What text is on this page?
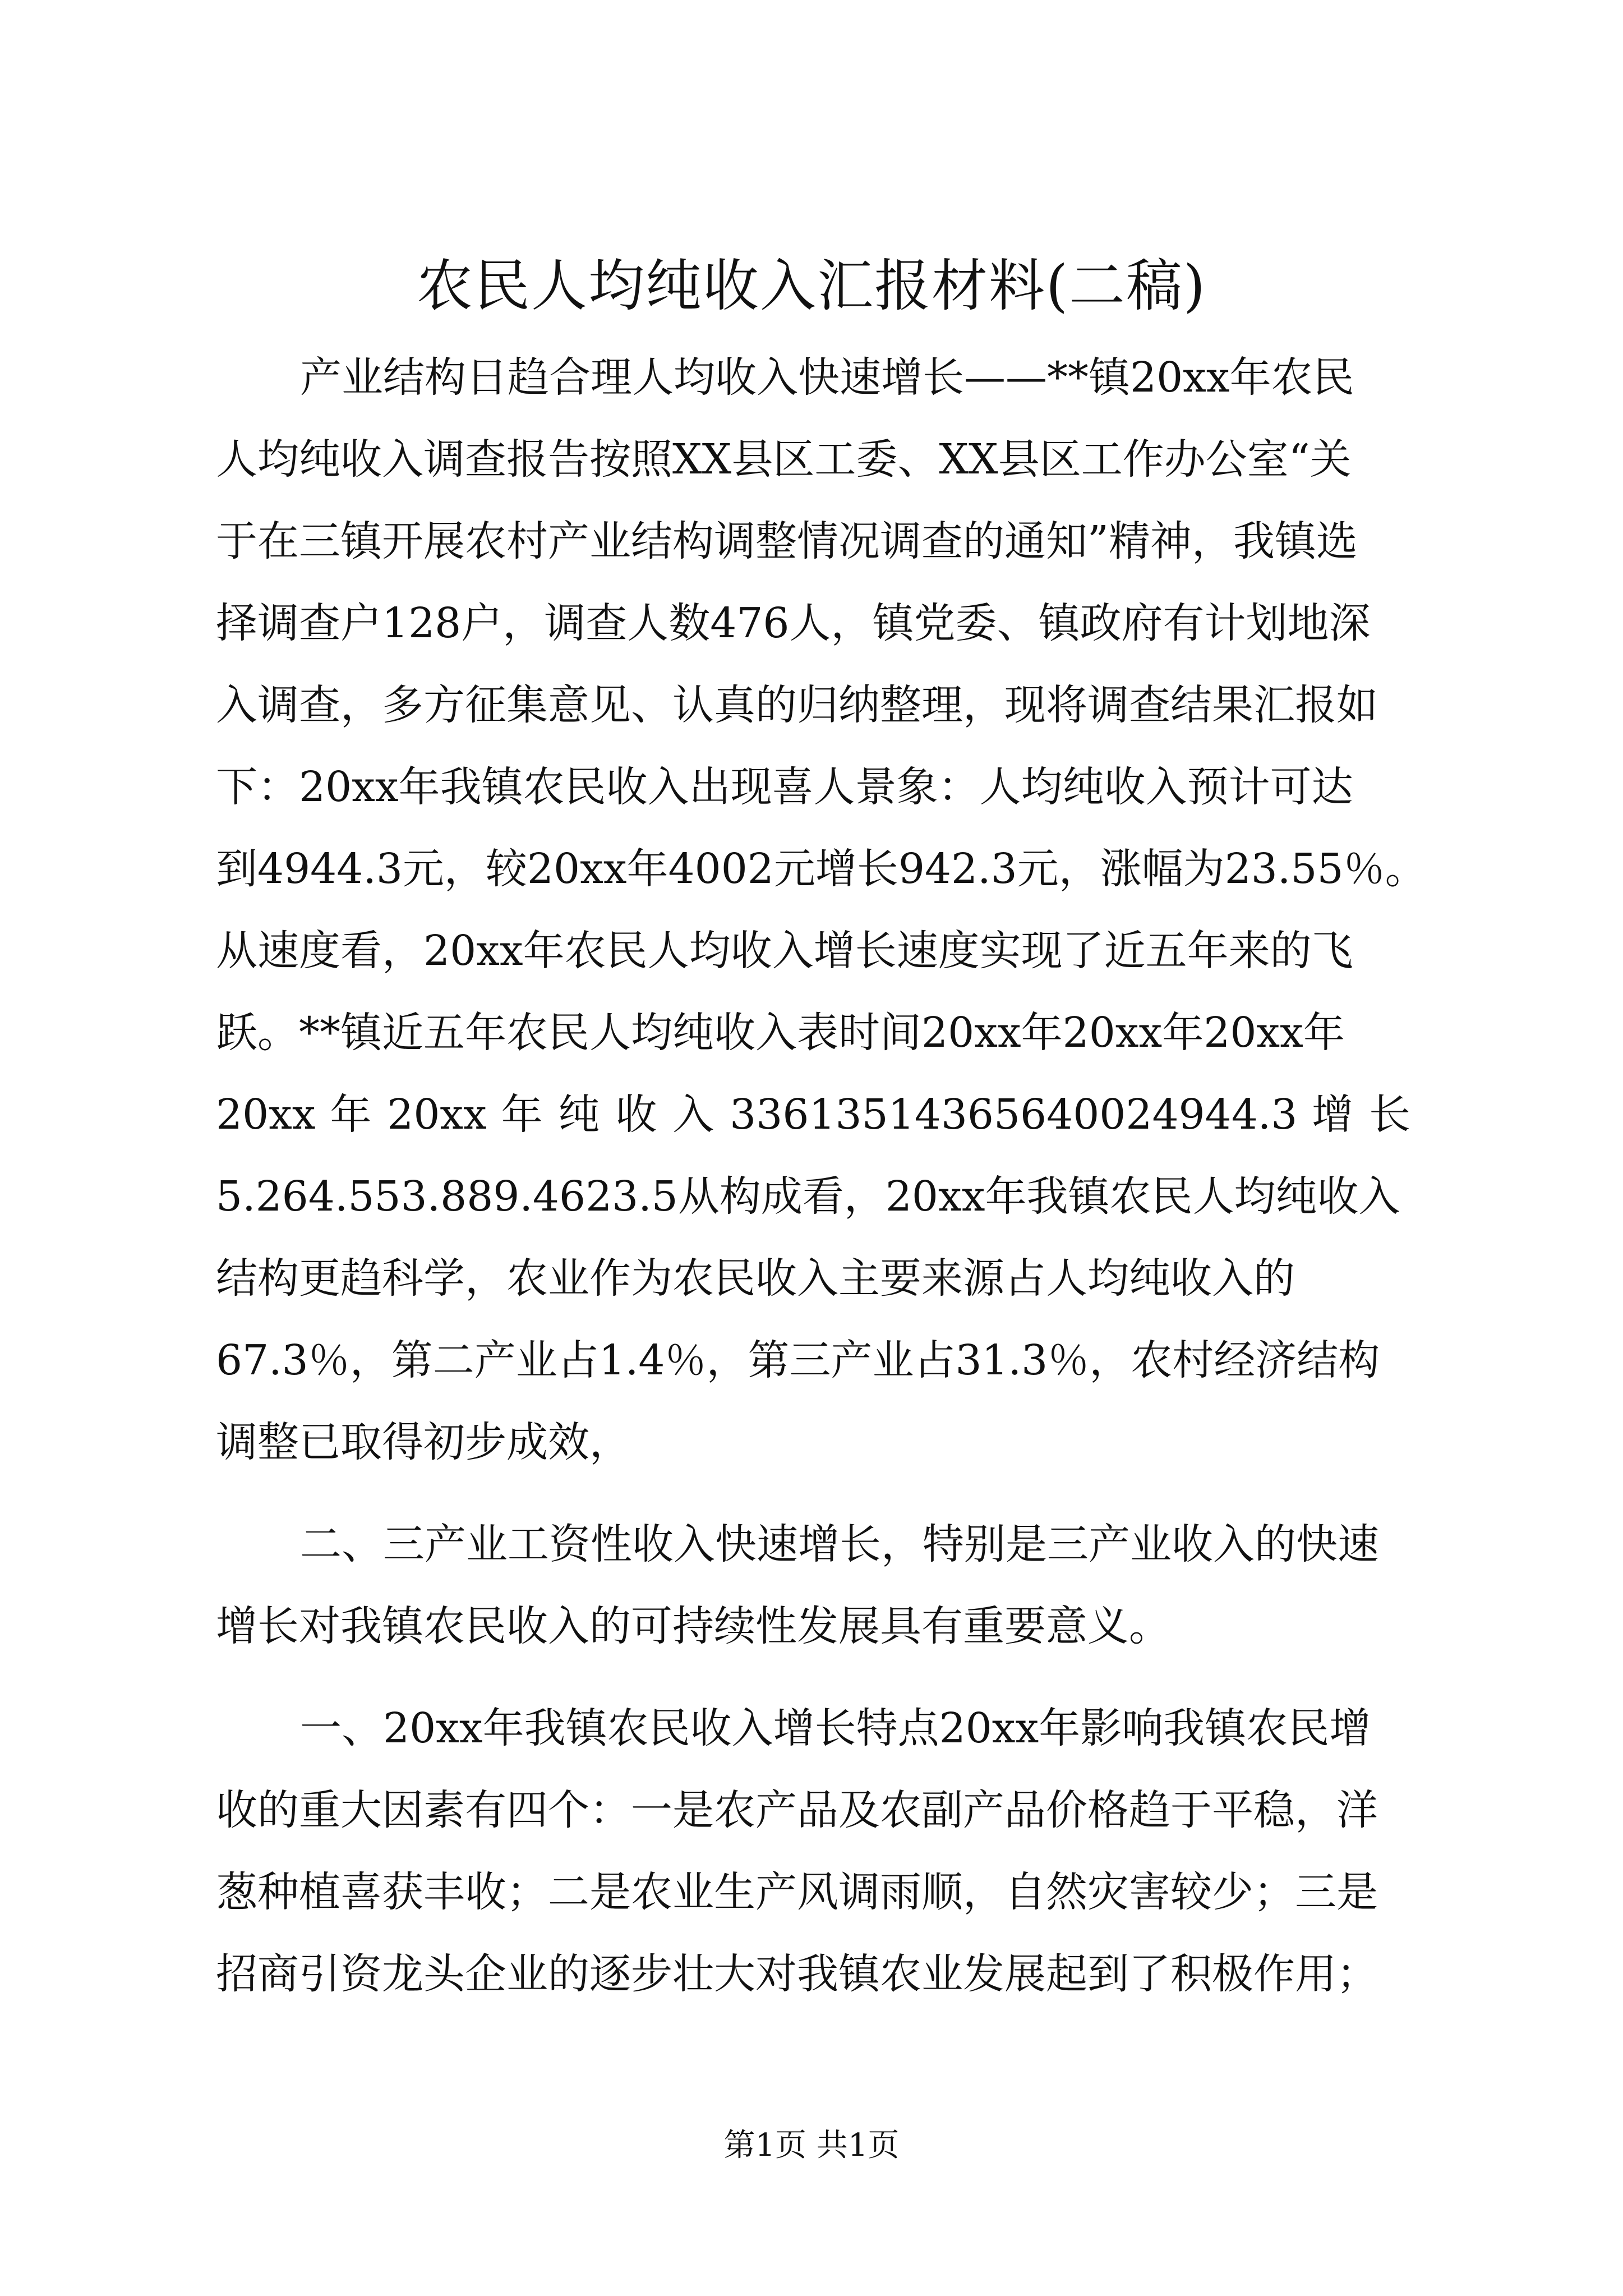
农民人均纯收入汇报材料(二稿)
产业结构日趋合理人均收入快速增长——**镇20xx年农民
人均纯收入调查报告按照XX县区工委、XX县区工作办公室“关
于在三镇开展农村产业结构调整情况调查的通知”精神，我镇选
择调查户128户，调查人数476人，镇党委、镇政府有计划地深
入调查，多方征集意见、认真的归纳整理，现将调查结果汇报如
下：20xx年我镇农民收入出现喜人景象：人均纯收入预计可达
到4944.3元，较20xx年4002元增长942.3元，涨幅为23.55％。
从速度看，20xx年农民人均收入增长速度实现了近五年来的飞
跃。**镇近五年农民人均纯收入表时间20xx年20xx年20xx年
20xx 年 20xx 年 纯 收 入 33613514365640024944.3 增 长
5.264.553.889.4623.5从构成看，20xx年我镇农民人均纯收入
结构更趋科学，农业作为农民收入主要来源占人均纯收入的
67.3％，第二产业占1.4％，第三产业占31.3％，农村经济结构
调整已取得初步成效，
二、三产业工资性收入快速增长，特别是三产业收入的快速
增长对我镇农民收入的可持续性发展具有重要意义。
一、20xx年我镇农民收入增长特点20xx年影响我镇农民增
收的重大因素有四个：一是农产品及农副产品价格趋于平稳，洋
葱种植喜获丰收；二是农业生产风调雨顺，自然灾害较少；三是
招商引资龙头企业的逐步壮大对我镇农业发展起到了积极作用；
第1页 共1页
